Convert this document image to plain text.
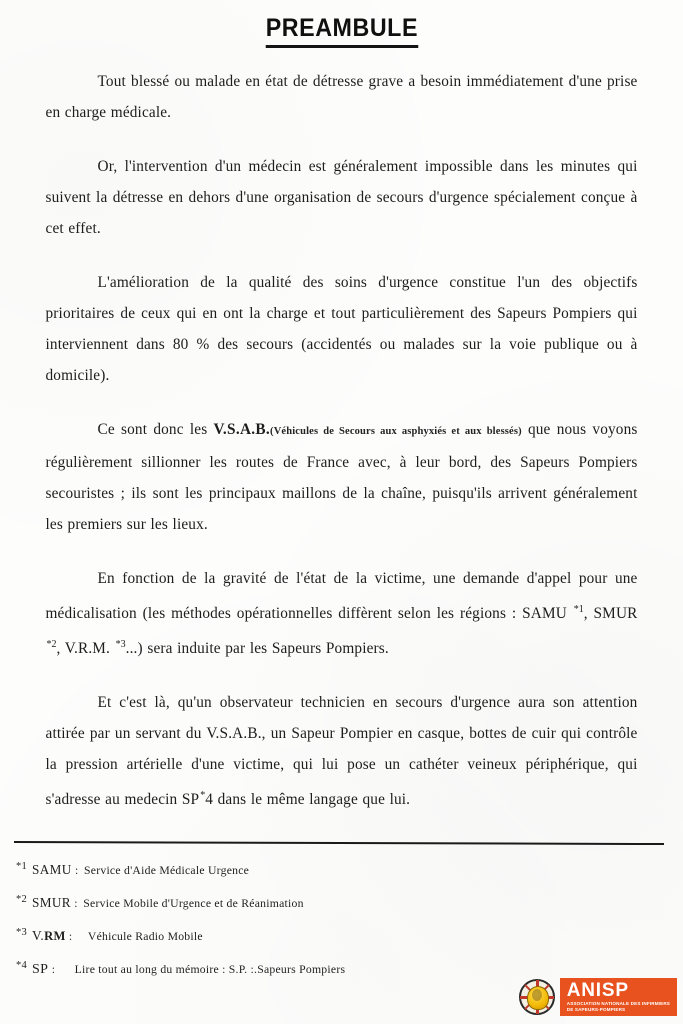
PREAMBULE

Tout blessé ou malade en état de détresse grave a besoin immédiatement d'une prise en charge médicale.

Or, l'intervention d'un médecin est généralement impossible dans les minutes qui suivent la détresse en dehors d'une organisation de secours d'urgence spécialement conçue à cet effet.

L'amélioration de la qualité des soins d'urgence constitue l'un des objectifs prioritaires de ceux qui en ont la charge et tout particulièrement des Sapeurs Pompiers qui interviennent dans 80 % des secours (accidentés ou malades sur la voie publique ou à domicile).

Ce sont donc les V.S.A.B.(Véhicules de Secours aux asphyxiés et aux blessés) que nous voyons régulièrement sillionner les routes de France avec, à leur bord, des Sapeurs Pompiers secouristes ; ils sont les principaux maillons de la chaîne, puisqu'ils arrivent généralement les premiers sur les lieux.

En fonction de la gravité de l'état de la victime, une demande d'appel pour une médicalisation (les méthodes opérationnelles diffèrent selon les régions : SAMU $^{*1}$, SMUR $^{*2}$, V.R.M. $^{*3}$...) sera induite par les Sapeurs Pompiers.

Et c'est là, qu'un observateur technicien en secours d'urgence aura son attention attirée par un servant du V.S.A.B., un Sapeur Pompier en casque, bottes de cuir qui contrôle la pression artérielle d'une victime, qui lui pose un cathéter veineux périphérique, qui s'adresse au medecin SP*4 dans le même langage que lui.

*1 SAMU : Service d'Aide Médicale Urgence
*2 SMUR : Service Mobile d'Urgence et de Réanimation
*3 V.RM : Véhicule Radio Mobile
*4 SP : Lire tout au long du mémoire : S.P. :.Sapeurs Pompiers
ANISP
ASSOCIATION NATIONALE DES INFIRMIERS
DE SAPEURS-POMPIERS
